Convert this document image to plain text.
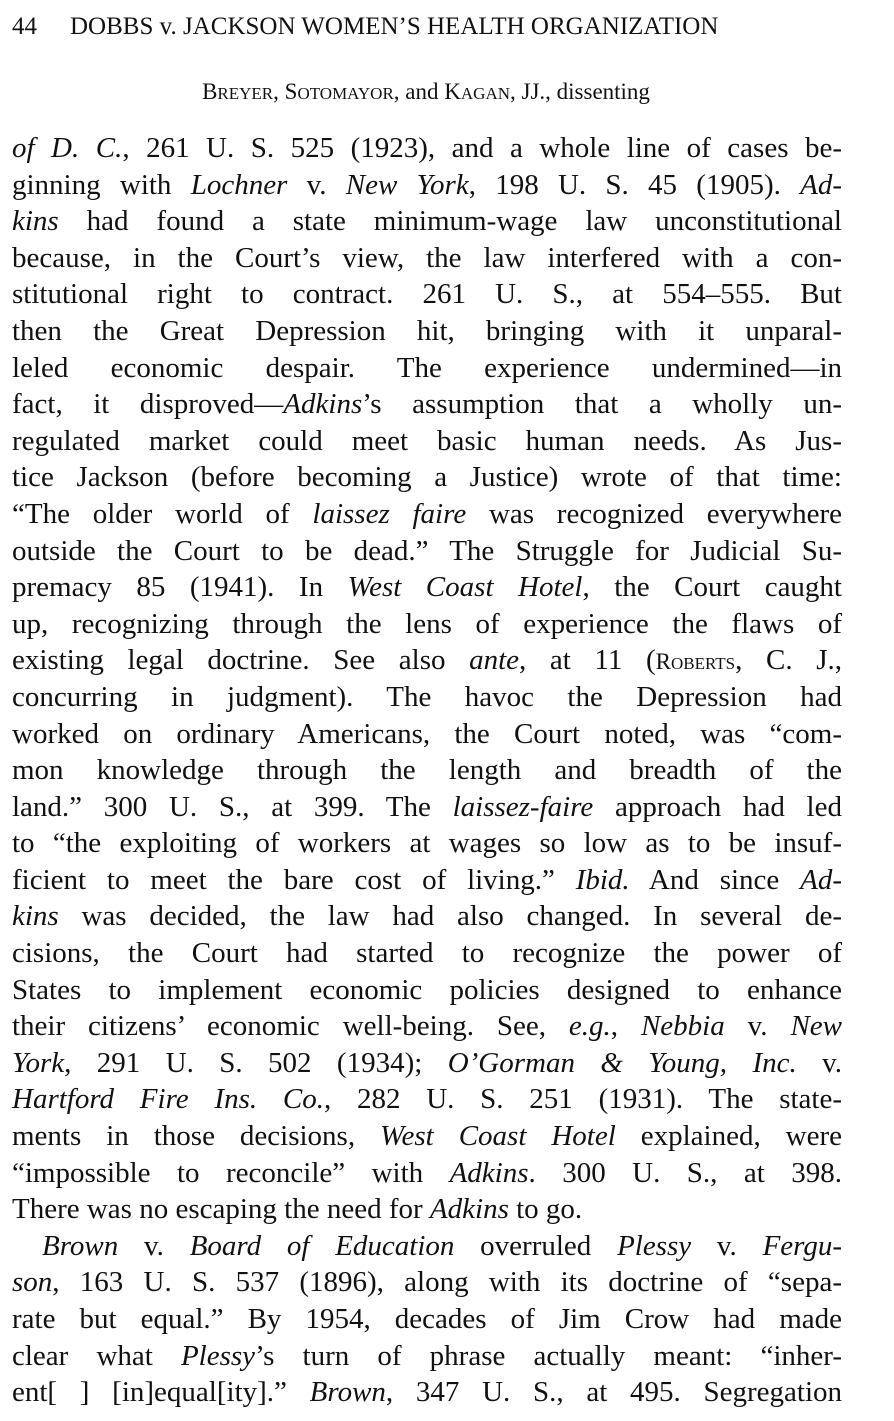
44 DOBBS v. JACKSON WOMEN’S HEALTH ORGANIZATION
BREYER, SOTOMAYOR, and KAGAN, JJ., dissenting
of D. C., 261 U. S. 525 (1923), and a whole line of cases be-
ginning with Lochner v. New York, 198 U. S. 45 (1905). Ad-
kins had found a state minimum-wage law unconstitutional
because, in the Court’s view, the law interfered with a con-
stitutional right to contract. 261 U. S., at 554–555. But
then the Great Depression hit, bringing with it unparal-
leled economic despair. The experience undermined—in
fact, it disproved—Adkins’s assumption that a wholly un-
regulated market could meet basic human needs. As Jus-
tice Jackson (before becoming a Justice) wrote of that time:
“The older world of laissez faire was recognized everywhere
outside the Court to be dead.” The Struggle for Judicial Su-
premacy 85 (1941). In West Coast Hotel, the Court caught
up, recognizing through the lens of experience the flaws of
existing legal doctrine. See also ante, at 11 (ROBERTS, C. J.,
concurring in judgment). The havoc the Depression had
worked on ordinary Americans, the Court noted, was “com-
mon knowledge through the length and breadth of the
land.” 300 U. S., at 399. The laissez-faire approach had led
to “the exploiting of workers at wages so low as to be insuf-
ficient to meet the bare cost of living.” Ibid. And since Ad-
kins was decided, the law had also changed. In several de-
cisions, the Court had started to recognize the power of
States to implement economic policies designed to enhance
their citizens’ economic well-being. See, e.g., Nebbia v. New
York, 291 U. S. 502 (1934); O’Gorman & Young, Inc. v.
Hartford Fire Ins. Co., 282 U. S. 251 (1931). The state-
ments in those decisions, West Coast Hotel explained, were
“impossible to reconcile” with Adkins. 300 U. S., at 398.
There was no escaping the need for Adkins to go.
Brown v. Board of Education overruled Plessy v. Fergu-
son, 163 U. S. 537 (1896), along with its doctrine of “sepa-
rate but equal.” By 1954, decades of Jim Crow had made
clear what Plessy’s turn of phrase actually meant: “inher-
ent[ ] [in]equal[ity].” Brown, 347 U. S., at 495. Segregation
